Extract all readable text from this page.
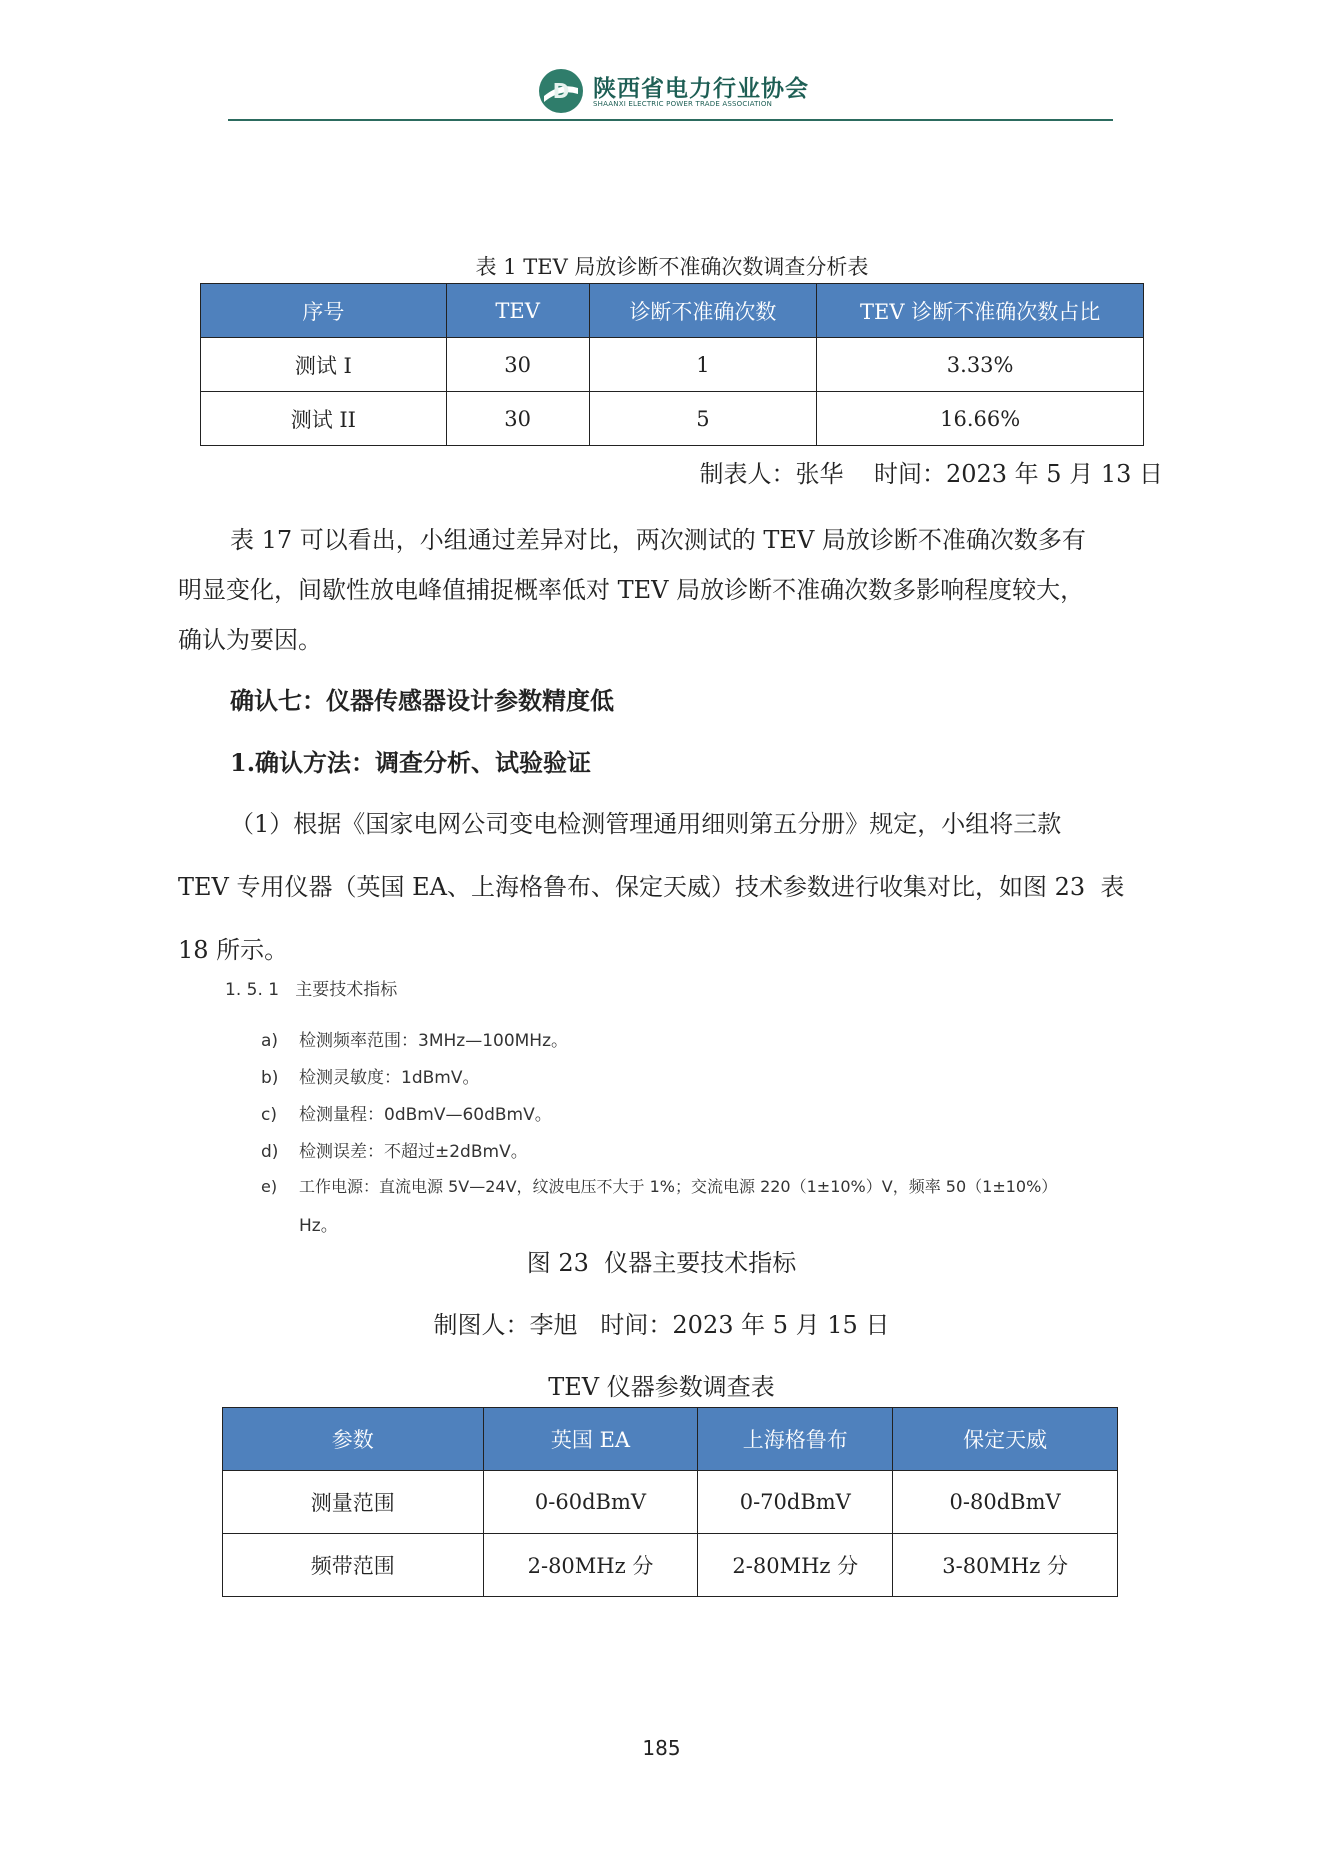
D 陕西省电力行业协会
SHAANXI ELECTRIC POWER TRADE ASSOCIATION
表 1 TEV 局放诊断不准确次数调查分析表
序号	TEV	诊断不准确次数	TEV 诊断不准确次数占比
测试 I	30	1	3.33%
测试 II	30	5	16.66%
制表人：张华    时间：2023 年 5 月 13 日
表 17 可以看出，小组通过差异对比，两次测试的 TEV 局放诊断不准确次数多有
明显变化，间歇性放电峰值捕捉概率低对 TEV 局放诊断不准确次数多影响程度较大，
确认为要因。
确认七：仪器传感器设计参数精度低
1.确认方法：调查分析、试验验证
（1）根据《国家电网公司变电检测管理通用细则第五分册》规定，小组将三款
TEV 专用仪器（英国 EA、上海格鲁布、保定天威）技术参数进行收集对比，如图 23  表
18 所示。
1. 5. 1   主要技术指标
a) 检测频率范围：3MHz—100MHz。
b) 检测灵敏度：1dBmV。
c) 检测量程：0dBmV—60dBmV。
d) 检测误差：不超过±2dBmV。
e) 工作电源：直流电源 5V—24V，纹波电压不大于 1%；交流电源 220（1±10%）V，频率 50（1±10%）
Hz。
图 23  仪器主要技术指标
制图人：李旭   时间：2023 年 5 月 15 日
TEV 仪器参数调查表
参数	英国 EA	上海格鲁布	保定天威
测量范围	0-60dBmV	0-70dBmV	0-80dBmV
频带范围	2-80MHz 分	2-80MHz 分	3-80MHz 分
185
